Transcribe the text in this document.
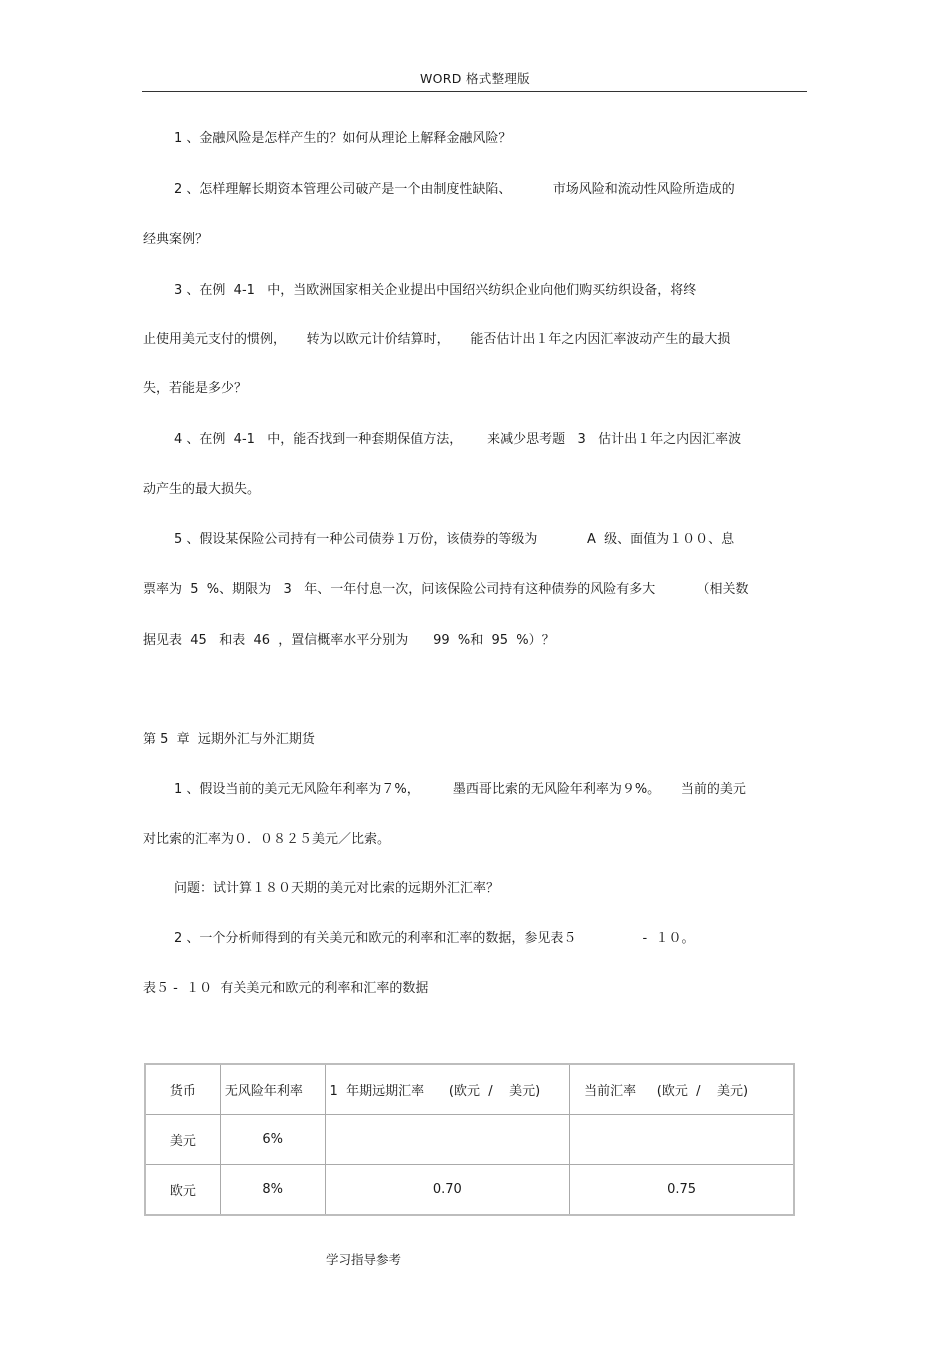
WORD 格式整理版
1 、金融风险是怎样产生的？如何从理论上解释金融风险？
2 、怎样理解长期资本管理公司破产是一个由制度性缺陷、          市场风险和流动性风险所造成的
经典案例？
3 、在例  4-1   中，当欧洲国家相关企业提出中国绍兴纺织企业向他们购买纺织设备，将终
止使用美元支付的惯例，     转为以欧元计价结算时，     能否估计出１年之内因汇率波动产生的最大损
失，若能是多少？
4 、在例  4-1   中，能否找到一种套期保值方法，      来减少思考题   3   估计出１年之内因汇率波
动产生的最大损失。
5 、假设某保险公司持有一种公司债券１万份，该债券的等级为            A  级、面值为１００、息
票率为  5  %、期限为   3   年、一年付息一次，问该保险公司持有这种债券的风险有多大          （相关数
据见表  45   和表  46  ，置信概率水平分别为      99  %和  95  %）？
第 5  章  远期外汇与外汇期货
1 、假设当前的美元无风险年利率为７%，        墨西哥比索的无风险年利率为９%。     当前的美元
对比索的汇率为０．０８２５美元／比索。
问题：试计算１８０天期的美元对比索的远期外汇汇率？
2 、一个分析师得到的有关美元和欧元的利率和汇率的数据，参见表５                -  １０。
表５ -  １０  有关美元和欧元的利率和汇率的数据
货币	无风险年利率	1  年期远期汇率      (欧元  /    美元)	当前汇率     (欧元  /    美元)
美元	6%		
欧元	8%	0.70	0.75
学习指导参考
